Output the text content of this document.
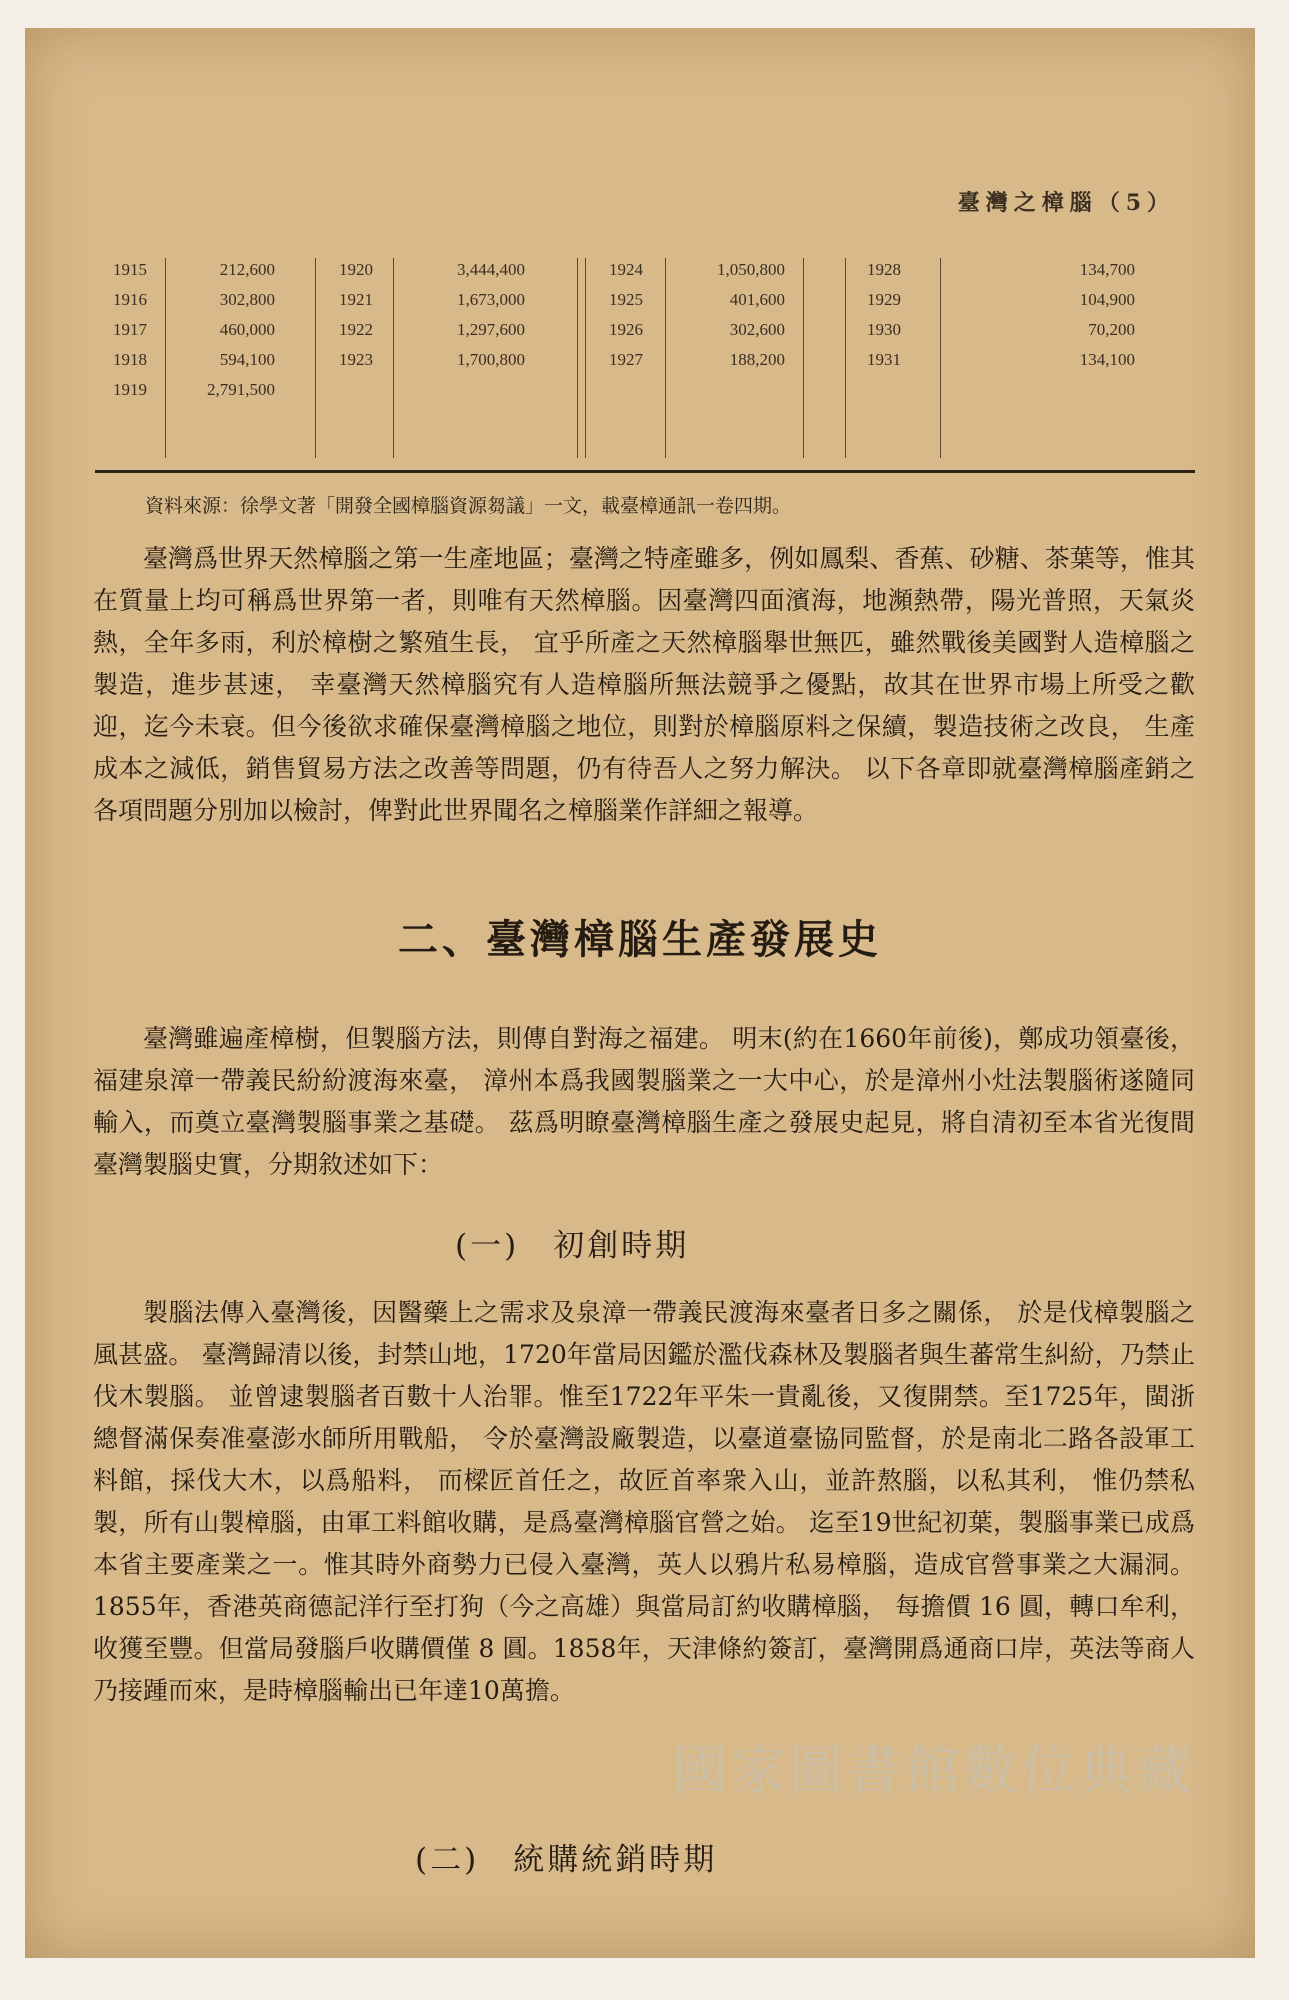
臺灣之樟腦（5）
1915	212,600
1916	302,800
1917	460,000
1918	594,100
1919	2,791,500
1920	3,444,400
1921	1,673,000
1922	1,297,600
1923	1,700,800
1924	1,050,800
1925	401,600
1926	302,600
1927	188,200
1928	134,700
1929	104,900
1930	70,200
1931	134,100
資料來源：徐學文著「開發全國樟腦資源芻議」一文，載臺樟通訊一卷四期。

臺灣爲世界天然樟腦之第一生產地區；臺灣之特產雖多，例如鳳梨、香蕉、砂糖、茶葉等，惟其在質量上均可稱爲世界第一者，則唯有天然樟腦。因臺灣四面濱海，地瀕熱帶，陽光普照，天氣炎熱，全年多雨，利於樟樹之繁殖生長， 宜乎所產之天然樟腦舉世無匹，雖然戰後美國對人造樟腦之製造，進步甚速， 幸臺灣天然樟腦究有人造樟腦所無法競爭之優點，故其在世界市場上所受之歡迎，迄今未衰。但今後欲求確保臺灣樟腦之地位，則對於樟腦原料之保續，製造技術之改良， 生產成本之減低，銷售貿易方法之改善等問題，仍有待吾人之努力解決。 以下各章即就臺灣樟腦產銷之各項問題分別加以檢討，俾對此世界聞名之樟腦業作詳細之報導。

二、臺灣樟腦生產發展史

臺灣雖遍產樟樹，但製腦方法，則傳自對海之福建。 明末(約在1660年前後)，鄭成功領臺後，福建泉漳一帶義民紛紛渡海來臺， 漳州本爲我國製腦業之一大中心，於是漳州小灶法製腦術遂隨同輸入，而奠立臺灣製腦事業之基礎。 茲爲明瞭臺灣樟腦生產之發展史起見，將自清初至本省光復間臺灣製腦史實，分期敘述如下：

(一)　初創時期

製腦法傳入臺灣後，因醫藥上之需求及泉漳一帶義民渡海來臺者日多之關係， 於是伐樟製腦之風甚盛。 臺灣歸清以後，封禁山地，1720年當局因鑑於濫伐森林及製腦者與生蕃常生糾紛，乃禁止伐木製腦。 並曾逮製腦者百數十人治罪。惟至1722年平朱一貴亂後，又復開禁。至1725年，閩浙總督滿保奏准臺澎水師所用戰船， 令於臺灣設廠製造，以臺道臺協同監督，於是南北二路各設軍工料館，採伐大木，以爲船料， 而樑匠首任之，故匠首率衆入山，並許熬腦，以私其利， 惟仍禁私製，所有山製樟腦，由軍工料館收購，是爲臺灣樟腦官營之始。 迄至19世紀初葉，製腦事業已成爲本省主要產業之一。惟其時外商勢力已侵入臺灣，英人以鴉片私易樟腦，造成官營事業之大漏洞。1855年，香港英商德記洋行至打狗（今之高雄）與當局訂約收購樟腦， 每擔價 16 圓，轉口牟利，收獲至豐。但當局發腦戶收購價僅 8 圓。1858年，天津條約簽訂，臺灣開爲通商口岸，英法等商人乃接踵而來，是時樟腦輸出已年達10萬擔。

(二)　統購統銷時期
國家圖書館數位典藏
